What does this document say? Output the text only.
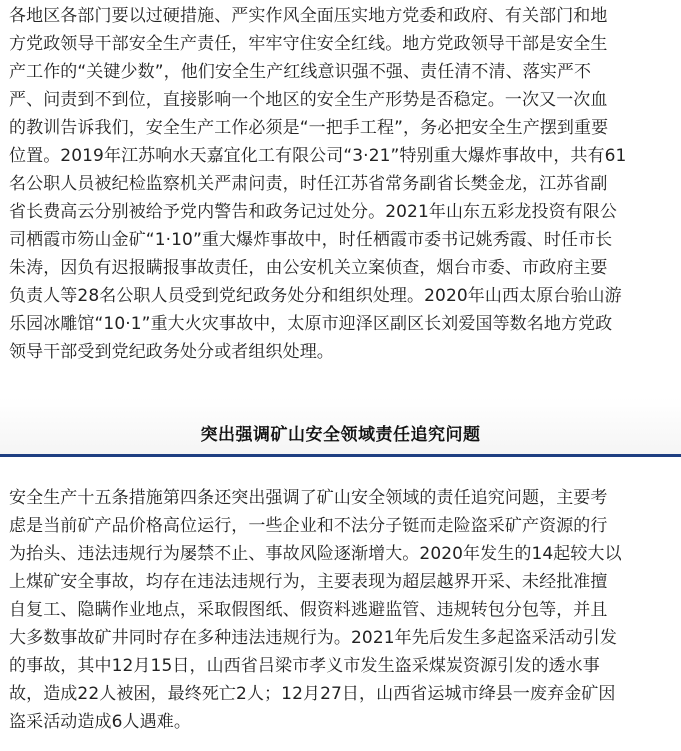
各地区各部门要以过硬措施、严实作风全面压实地方党委和政府、有关部门和地
方党政领导干部安全生产责任，牢牢守住安全红线。地方党政领导干部是安全生
产工作的“关键少数”，他们安全生产红线意识强不强、责任清不清、落实严不
严、问责到不到位，直接影响一个地区的安全生产形势是否稳定。一次又一次血
的教训告诉我们，安全生产工作必须是“一把手工程”，务必把安全生产摆到重要
位置。2019年江苏响水天嘉宜化工有限公司“3·21”特别重大爆炸事故中，共有61
名公职人员被纪检监察机关严肃问责，时任江苏省常务副省长樊金龙，江苏省副
省长费高云分别被给予党内警告和政务记过处分。2021年山东五彩龙投资有限公
司栖霞市笏山金矿“1·10”重大爆炸事故中，时任栖霞市委书记姚秀霞、时任市长
朱涛，因负有迟报瞒报事故责任，由公安机关立案侦查，烟台市委、市政府主要
负责人等28名公职人员受到党纪政务处分和组织处理。2020年山西太原台骀山游
乐园冰雕馆“10·1”重大火灾事故中，太原市迎泽区副区长刘爱国等数名地方党政
领导干部受到党纪政务处分或者组织处理。
突出强调矿山安全领域责任追究问题
安全生产十五条措施第四条还突出强调了矿山安全领域的责任追究问题，主要考
虑是当前矿产品价格高位运行，一些企业和不法分子铤而走险盗采矿产资源的行
为抬头、违法违规行为屡禁不止、事故风险逐渐增大。2020年发生的14起较大以
上煤矿安全事故，均存在违法违规行为，主要表现为超层越界开采、未经批准擅
自复工、隐瞒作业地点，采取假图纸、假资料逃避监管、违规转包分包等，并且
大多数事故矿井同时存在多种违法违规行为。2021年先后发生多起盗采活动引发
的事故，其中12月15日，山西省吕梁市孝义市发生盗采煤炭资源引发的透水事
故，造成22人被困，最终死亡2人；12月27日，山西省运城市绛县一废弃金矿因
盗采活动造成6人遇难。
